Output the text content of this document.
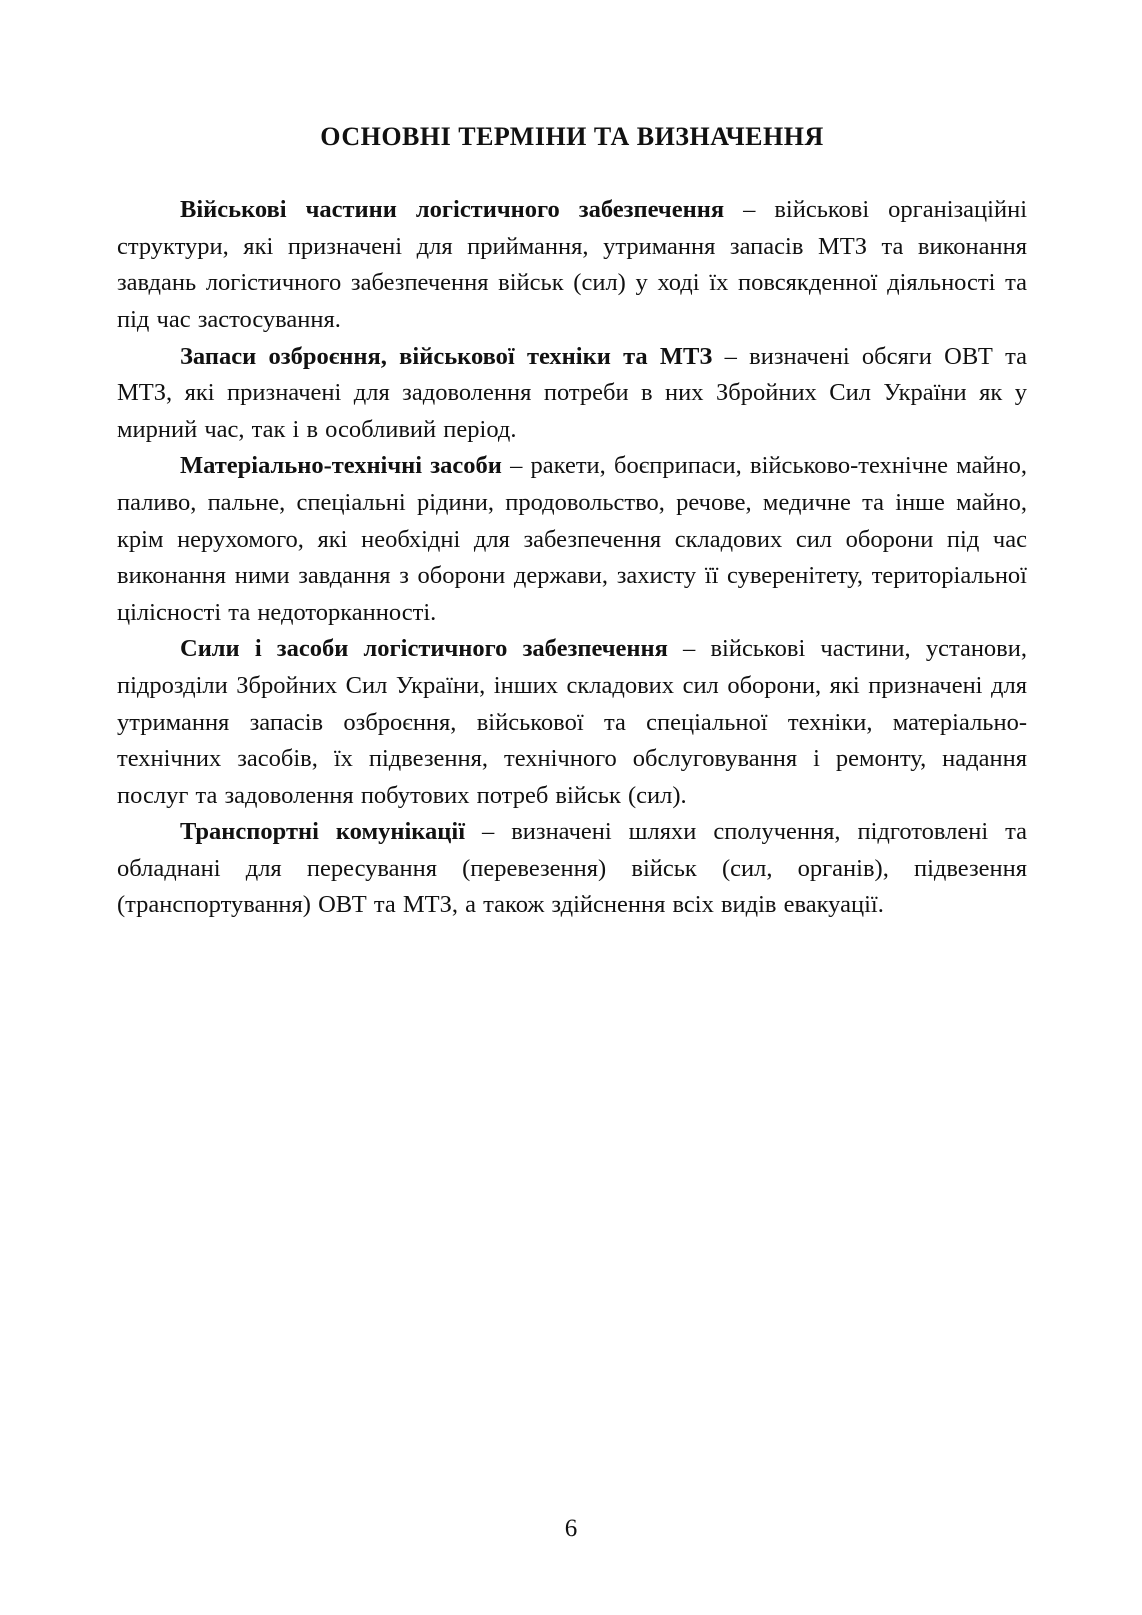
ОСНОВНІ ТЕРМІНИ ТА ВИЗНАЧЕННЯ

Військові частини логістичного забезпечення – військові організаційні структури, які призначені для приймання, утримання запасів МТЗ та виконання завдань логістичного забезпечення військ (сил) у ході їх повсякденної діяльності та під час застосування.

Запаси озброєння, військової техніки та МТЗ – визначені обсяги ОВТ та МТЗ, які призначені для задоволення потреби в них Збройних Сил України як у мирний час, так і в особливий період.

Матеріально-технічні засоби – ракети, боєприпаси, військово-технічне майно, паливо, пальне, спеціальні рідини, продовольство, речове, медичне та інше майно, крім нерухомого, які необхідні для забезпечення складових сил оборони під час виконання ними завдання з оборони держави, захисту її суверенітету, територіальної цілісності та недоторканності.

Сили і засоби логістичного забезпечення – військові частини, установи, підрозділи Збройних Сил України, інших складових сил оборони, які призначені для утримання запасів озброєння, військової та спеціальної техніки, матеріально-технічних засобів, їх підвезення, технічного обслуговування і ремонту, надання послуг та задоволення побутових потреб військ (сил).

Транспортні комунікації – визначені шляхи сполучення, підготовлені та обладнані для пересування (перевезення) військ (сил, органів), підвезення (транспортування) ОВТ та МТЗ, а також здійснення всіх видів евакуації.

6
